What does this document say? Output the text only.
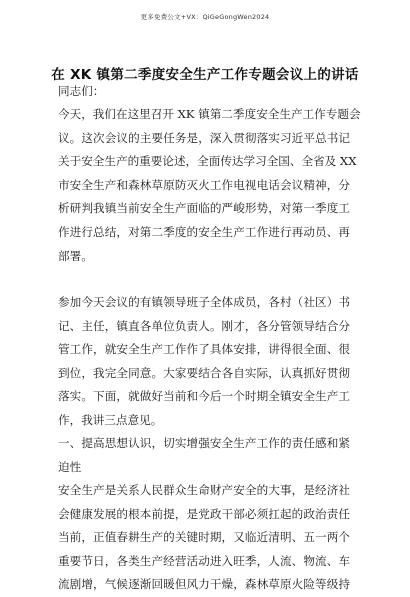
更多免费公文+VX：QiGeGongWen2024
在 XK 镇第二季度安全生产工作专题会议上的讲话
同志们：
今天，我们在这里召开 XK 镇第二季度安全生产工作专题会
议。这次会议的主要任务是，深入贯彻落实习近平总书记
关于安全生产的重要论述，全面传达学习全国、全省及 XX
市安全生产和森林草原防灭火工作电视电话会议精神，分
析研判我镇当前安全生产面临的严峻形势，对第一季度工
作进行总结，对第二季度的安全生产工作进行再动员、再
部署。
参加今天会议的有镇领导班子全体成员，各村（社区）书
记、主任，镇直各单位负责人。刚才，各分管领导结合分
管工作，就安全生产工作作了具体安排，讲得很全面、很
到位，我完全同意。大家要结合各自实际，认真抓好贯彻
落实。下面，就做好当前和今后一个时期全镇安全生产工
作，我讲三点意见。
一、提高思想认识，切实增强安全生产工作的责任感和紧
迫性
安全生产是关系人民群众生命财产安全的大事，是经济社
会健康发展的根本前提，是党政干部必须扛起的政治责任
当前，正值春耕生产的关键时期，又临近清明、五一两个
重要节日，各类生产经营活动进入旺季，人流、物流、车
流剧增，气候逐渐回暖但风力干燥，森林草原火险等级持
